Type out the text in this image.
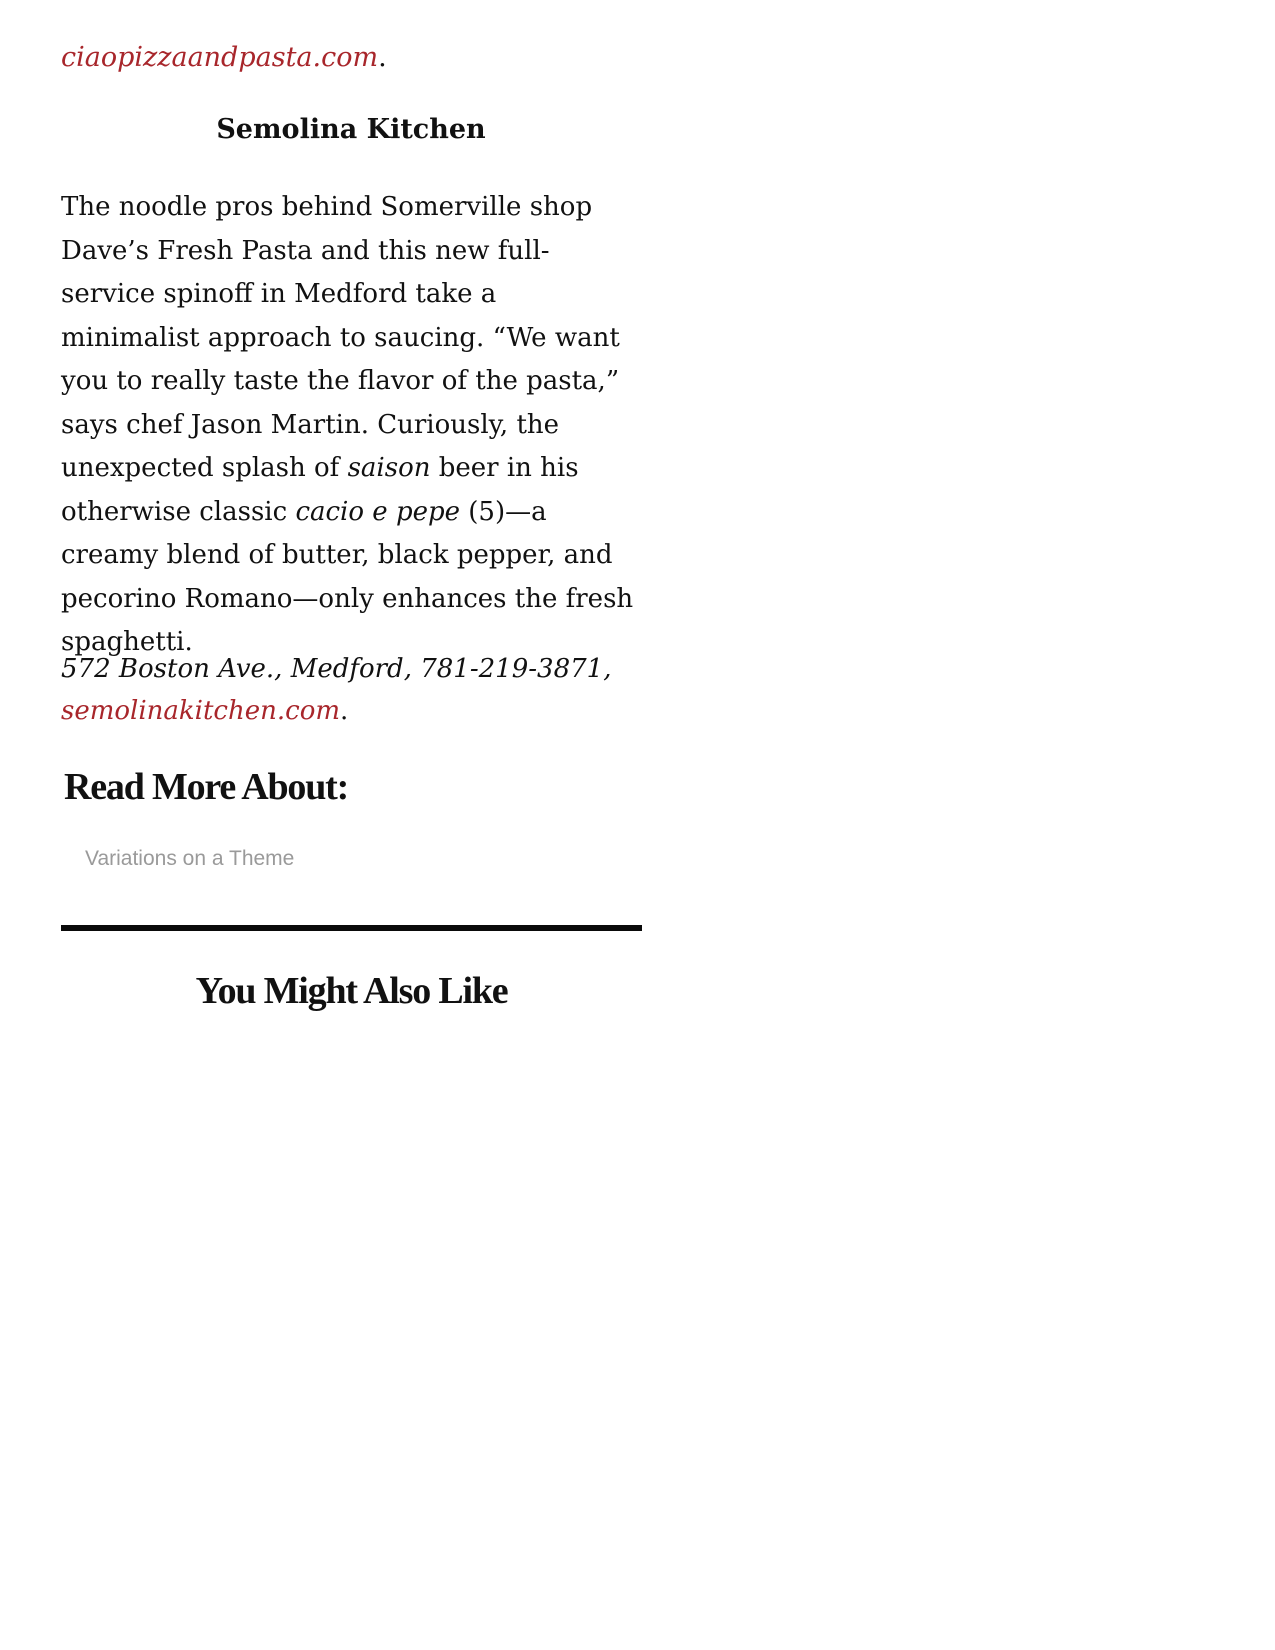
ciaopizzaandpasta.com.
Semolina Kitchen
The noodle pros behind Somerville shop Dave’s Fresh Pasta and this new full-service spinoff in Medford take a minimalist approach to saucing. “We want you to really taste the flavor of the pasta,” says chef Jason Martin. Curiously, the unexpected splash of saison beer in his otherwise classic cacio e pepe (5)—a creamy blend of butter, black pepper, and pecorino Romano—only enhances the fresh spaghetti.
572 Boston Ave., Medford, 781-219-3871,
semolinakitchen.com.
Read More About:
Variations on a Theme
You Might Also Like
